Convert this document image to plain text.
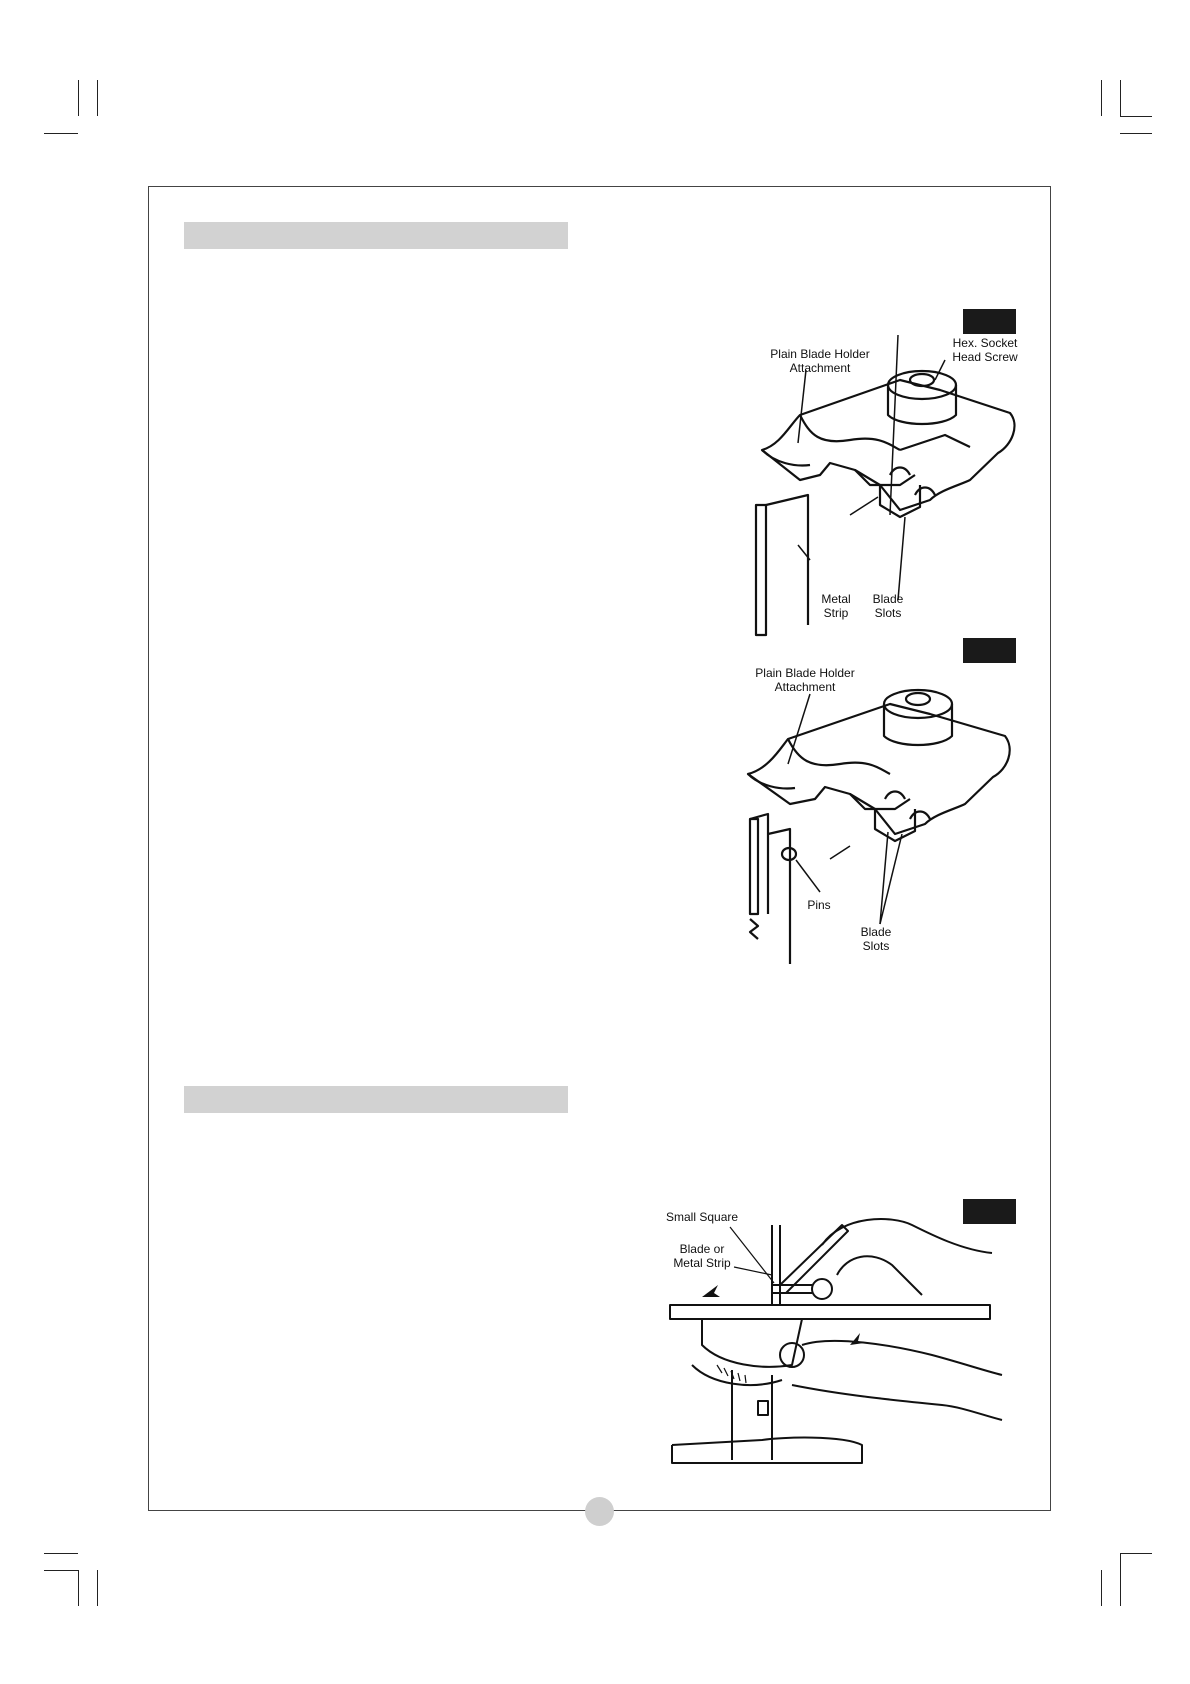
Plain Blade Holder
Attachment
Hex. Socket
Head Screw
Metal
Strip
Blade
Slots
Plain Blade Holder
Attachment
Pins
Blade
Slots
Small Square
Blade or
Metal Strip
